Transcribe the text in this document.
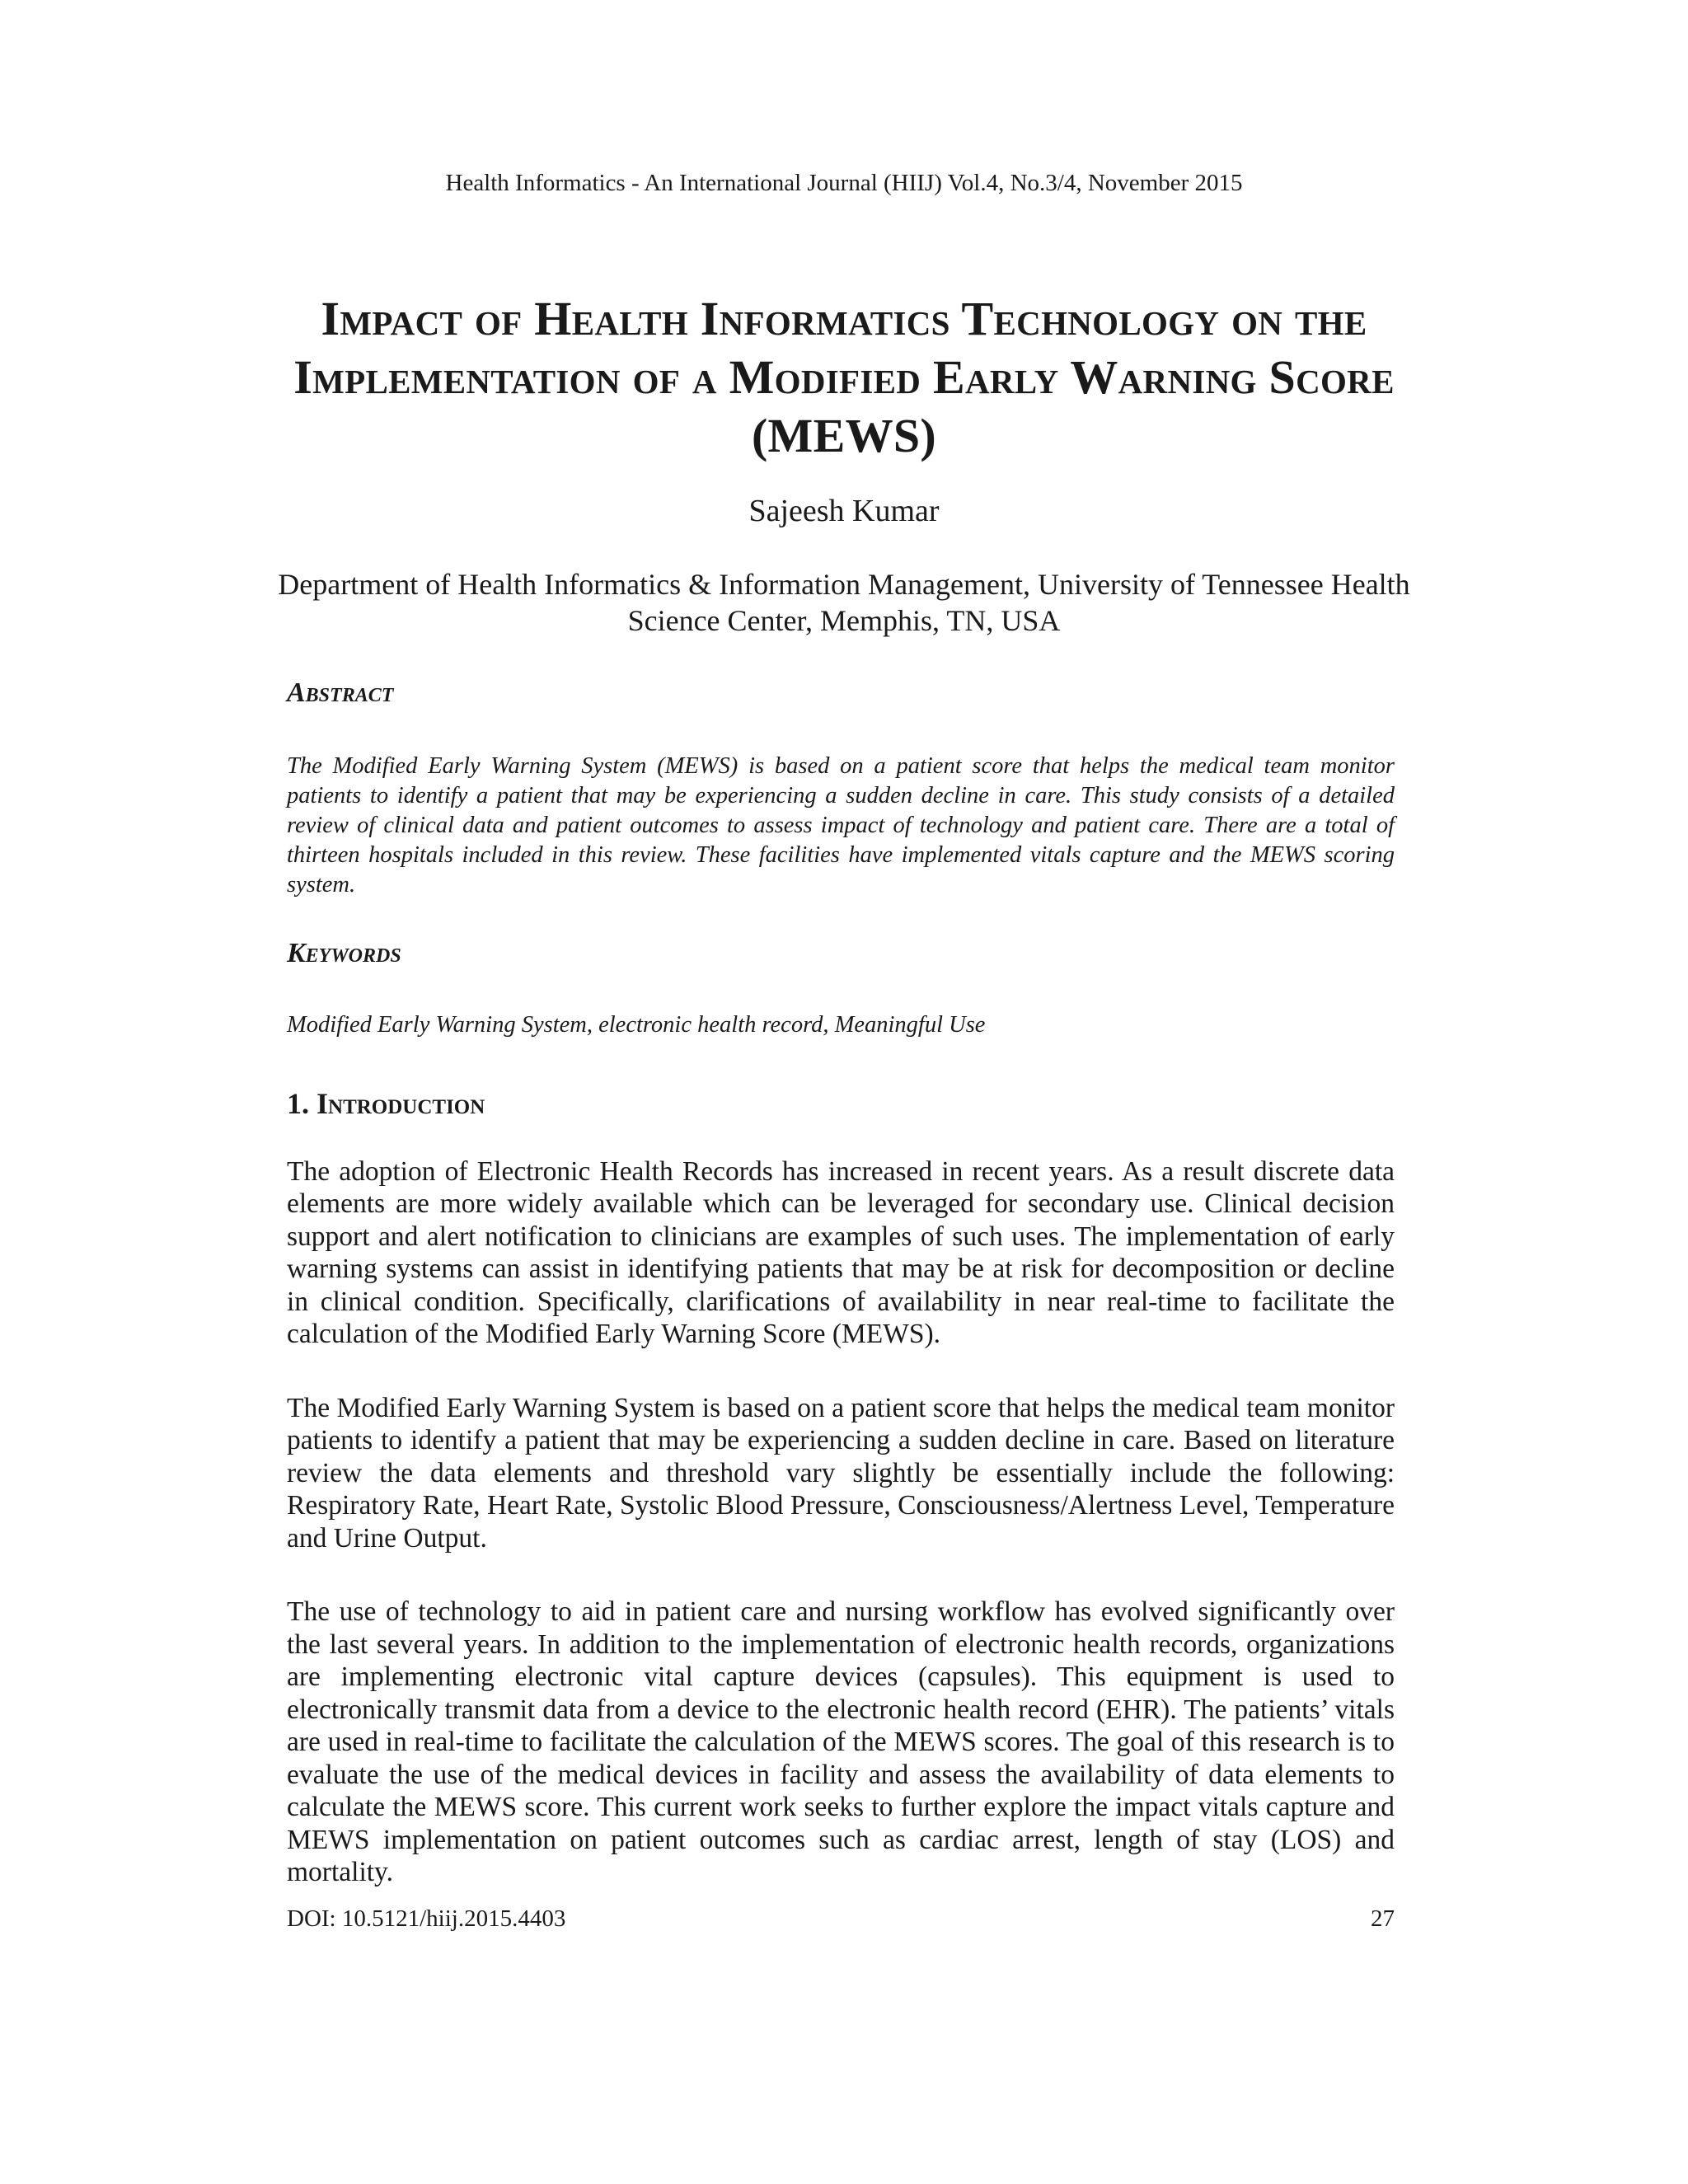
Health Informatics - An International Journal (HIIJ) Vol.4, No.3/4, November 2015
Impact of Health Informatics Technology on the Implementation of a Modified Early Warning Score (MEWS)
Sajeesh Kumar
Department of Health Informatics & Information Management, University of Tennessee Health Science Center, Memphis, TN, USA
Abstract

The Modified Early Warning System (MEWS) is based on a patient score that helps the medical team monitor patients to identify a patient that may be experiencing a sudden decline in care. This study consists of a detailed review of clinical data and patient outcomes to assess impact of technology and patient care. There are a total of thirteen hospitals included in this review. These facilities have implemented vitals capture and the MEWS scoring system.

Keywords

Modified Early Warning System, electronic health record, Meaningful Use

1. Introduction

The adoption of Electronic Health Records has increased in recent years. As a result discrete data elements are more widely available which can be leveraged for secondary use. Clinical decision support and alert notification to clinicians are examples of such uses. The implementation of early warning systems can assist in identifying patients that may be at risk for decomposition or decline in clinical condition. Specifically, clarifications of availability in near real-time to facilitate the calculation of the Modified Early Warning Score (MEWS).

The Modified Early Warning System is based on a patient score that helps the medical team monitor patients to identify a patient that may be experiencing a sudden decline in care. Based on literature review the data elements and threshold vary slightly be essentially include the following: Respiratory Rate, Heart Rate, Systolic Blood Pressure, Consciousness/Alertness Level, Temperature and Urine Output.

The use of technology to aid in patient care and nursing workflow has evolved significantly over the last several years. In addition to the implementation of electronic health records, organizations are implementing electronic vital capture devices (capsules). This equipment is used to electronically transmit data from a device to the electronic health record (EHR). The patients’ vitals are used in real-time to facilitate the calculation of the MEWS scores. The goal of this research is to evaluate the use of the medical devices in facility and assess the availability of data elements to calculate the MEWS score. This current work seeks to further explore the impact vitals capture and MEWS implementation on patient outcomes such as cardiac arrest, length of stay (LOS) and mortality.

DOI: 10.5121/hiij.2015.4403	27
